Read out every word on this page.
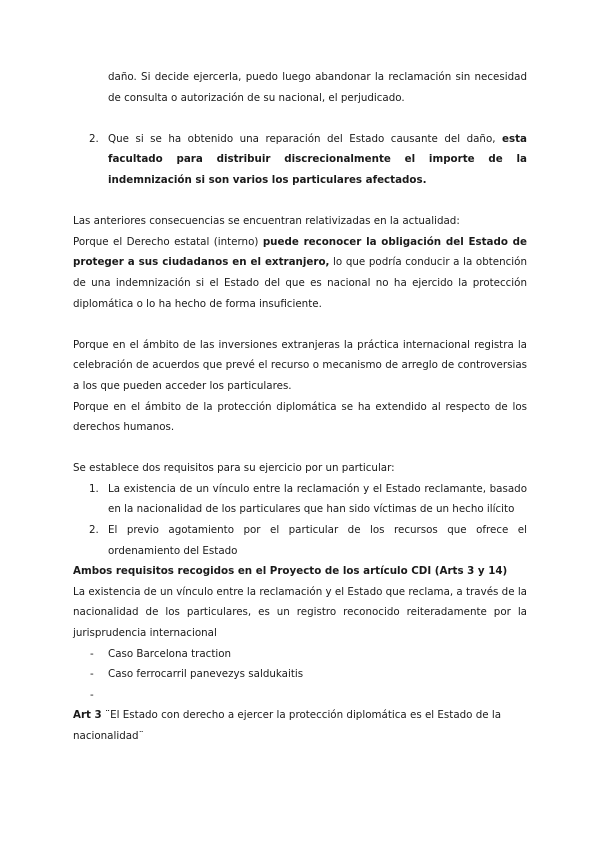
daño. Si decide ejercerla, puedo luego abandonar la reclamación sin necesidad de consulta o autorización de su nacional, el perjudicado.

2. Que si se ha obtenido una reparación del Estado causante del daño, esta facultado para distribuir discrecionalmente el importe de la indemnización si son varios los particulares afectados.

Las anteriores consecuencias se encuentran relativizadas en la actualidad:

Porque el Derecho estatal (interno) puede reconocer la obligación del Estado de proteger a sus ciudadanos en el extranjero, lo que podría conducir a la obtención de una indemnización si el Estado del que es nacional no ha ejercido la protección diplomática o lo ha hecho de forma insuficiente.

Porque en el ámbito de las inversiones extranjeras la práctica internacional registra la celebración de acuerdos que prevé el recurso o mecanismo de arreglo de controversias a los que pueden acceder los particulares.

Porque en el ámbito de la protección diplomática se ha extendido al respecto de los derechos humanos.

Se establece dos requisitos para su ejercicio por un particular:

1. La existencia de un vínculo entre la reclamación y el Estado reclamante, basado en la nacionalidad de los particulares que han sido víctimas de un hecho ilícito

2. El previo agotamiento por el particular de los recursos que ofrece el ordenamiento del Estado

Ambos requisitos recogidos en el Proyecto de los artículo CDI (Arts 3 y 14)

La existencia de un vínculo entre la reclamación y el Estado que reclama, a través de la nacionalidad de los particulares, es un registro reconocido reiteradamente por la jurisprudencia internacional

- Caso Barcelona traction
- Caso ferrocarril panevezys saldukaitis
-

Art 3 ¨El Estado con derecho a ejercer la protección diplomática es el Estado de la nacionalidad¨
